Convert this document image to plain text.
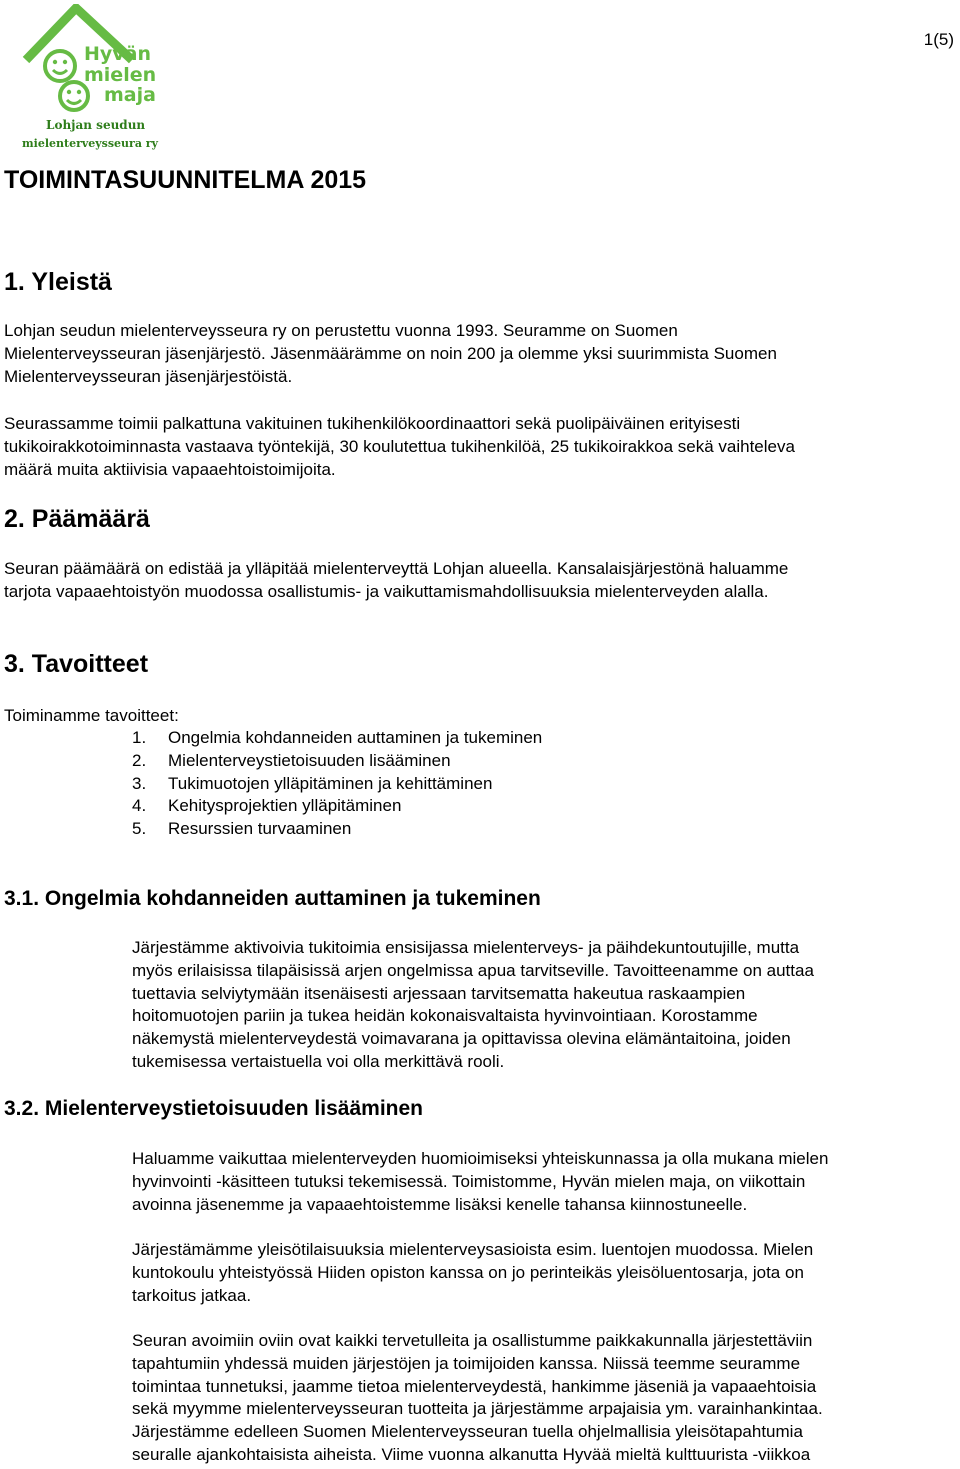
Hyvän
mielen
maja
Lohjan seudun
mielenterveysseura ry
1(5)
TOIMINTASUUNNITELMA 2015
1. Yleistä
Lohjan seudun mielenterveysseura ry on perustettu vuonna 1993. Seuramme on Suomen
Mielenterveysseuran jäsenjärjestö. Jäsenmäärämme on noin 200 ja olemme yksi suurimmista Suomen
Mielenterveysseuran jäsenjärjestöistä.
Seurassamme toimii palkattuna vakituinen tukihenkilökoordinaattori sekä puolipäiväinen erityisesti
tukikoirakkotoiminnasta vastaava työntekijä, 30 koulutettua tukihenkilöä, 25 tukikoirakkoa sekä vaihteleva
määrä muita aktiivisia vapaaehtoistoimijoita.
2. Päämäärä
Seuran päämäärä on edistää ja ylläpitää mielenterveyttä Lohjan alueella. Kansalaisjärjestönä haluamme
tarjota vapaaehtoistyön muodossa osallistumis- ja vaikuttamismahdollisuuksia mielenterveyden alalla.
3. Tavoitteet
Toiminamme tavoitteet:
1. Ongelmia kohdanneiden auttaminen ja tukeminen
2. Mielenterveystietoisuuden lisääminen
3. Tukimuotojen ylläpitäminen ja kehittäminen
4. Kehitysprojektien ylläpitäminen
5. Resurssien turvaaminen
3.1. Ongelmia kohdanneiden auttaminen ja tukeminen
Järjestämme aktivoivia tukitoimia ensisijassa mielenterveys- ja päihdekuntoutujille, mutta
myös erilaisissa tilapäisissä arjen ongelmissa apua tarvitseville. Tavoitteenamme on auttaa
tuettavia selviytymään itsenäisesti arjessaan tarvitsematta hakeutua raskaampien
hoitomuotojen pariin ja tukea heidän kokonaisvaltaista hyvinvointiaan. Korostamme
näkemystä mielenterveydestä voimavarana ja opittavissa olevina elämäntaitoina, joiden
tukemisessa vertaistuella voi olla merkittävä rooli.
3.2. Mielenterveystietoisuuden lisääminen
Haluamme vaikuttaa mielenterveyden huomioimiseksi yhteiskunnassa ja olla mukana mielen
hyvinvointi -käsitteen tutuksi tekemisessä. Toimistomme, Hyvän mielen maja, on viikottain
avoinna jäsenemme ja vapaaehtoistemme lisäksi kenelle tahansa kiinnostuneelle.
Järjestämämme yleisötilaisuuksia mielenterveysasioista esim. luentojen muodossa. Mielen
kuntokoulu yhteistyössä Hiiden opiston kanssa on jo perinteikäs yleisöluentosarja, jota on
tarkoitus jatkaa.
Seuran avoimiin oviin ovat kaikki tervetulleita ja osallistumme paikkakunnalla järjestettäviin
tapahtumiin yhdessä muiden järjestöjen ja toimijoiden kanssa. Niissä teemme seuramme
toimintaa tunnetuksi, jaamme tietoa mielenterveydestä, hankimme jäseniä ja vapaaehtoisia
sekä myymme mielenterveysseuran tuotteita ja järjestämme arpajaisia ym. varainhankintaa.
Järjestämme edelleen Suomen Mielenterveysseuran tuella ohjelmallisia yleisötapahtumia
seuralle ajankohtaisista aiheista. Viime vuonna alkanutta Hyvää mieltä kulttuurista -viikkoa
